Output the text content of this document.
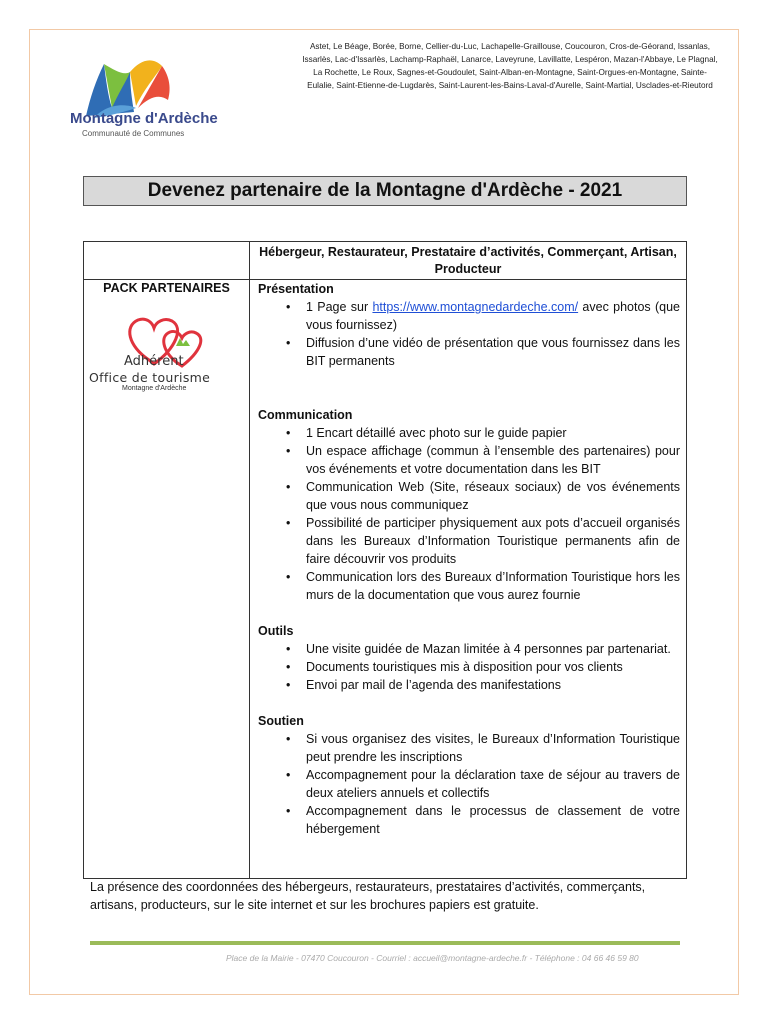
Montagne d'Ardèche
Communauté de Communes
Astet, Le Béage, Borée, Borne, Cellier-du-Luc, Lachapelle-Graillouse, Coucouron, Cros-de-Géorand, Issanlas, Issarlès, Lac-d'Issarlès, Lachamp-Raphaël, Lanarce, Laveyrune, Lavillatte, Lespéron, Mazan-l'Abbaye, Le Plagnal, La Rochette, Le Roux, Sagnes-et-Goudoulet, Saint-Alban-en-Montagne, Saint-Orgues-en-Montagne, Sainte-Eulalie, Saint-Etienne-de-Lugdarès, Saint-Laurent-les-Bains-Laval-d'Aurelle, Saint-Martial, Usclades-et-Rieutord
Devenez partenaire de la Montagne d'Ardèche - 2021
Hébergeur, Restaurateur, Prestataire d’activités, Commerçant, Artisan, Producteur
PACK PARTENAIRES
Adhérent
Office de tourisme
Montagne d'Ardèche
Présentation
• 1 Page sur https://www.montagnedardeche.com/ avec photos (que vous fournissez)
• Diffusion d’une vidéo de présentation que vous fournissez dans les BIT permanents
Communication
• 1 Encart détaillé avec photo sur le guide papier
• Un espace affichage (commun à l’ensemble des partenaires) pour vos événements et votre documentation dans les BIT
• Communication Web (Site, réseaux sociaux) de vos événements que vous nous communiquez
• Possibilité de participer physiquement aux pots d’accueil organisés dans les Bureaux d’Information Touristique permanents afin de faire découvrir vos produits
• Communication lors des Bureaux d’Information Touristique hors les murs de la documentation que vous aurez fournie
Outils
• Une visite guidée de Mazan limitée à 4 personnes par partenariat.
• Documents touristiques mis à disposition pour vos clients
• Envoi par mail de l’agenda des manifestations
Soutien
• Si vous organisez des visites, le Bureaux d’Information Touristique peut prendre les inscriptions
• Accompagnement pour la déclaration taxe de séjour au travers de deux ateliers annuels et collectifs
• Accompagnement dans le processus de classement de votre hébergement
La présence des coordonnées des hébergeurs, restaurateurs, prestataires d’activités, commerçants, artisans, producteurs, sur le site internet et sur les brochures papiers est gratuite.
Place de la Mairie - 07470 Coucouron - Courriel : accueil@montagne-ardeche.fr - Téléphone : 04 66 46 59 80
